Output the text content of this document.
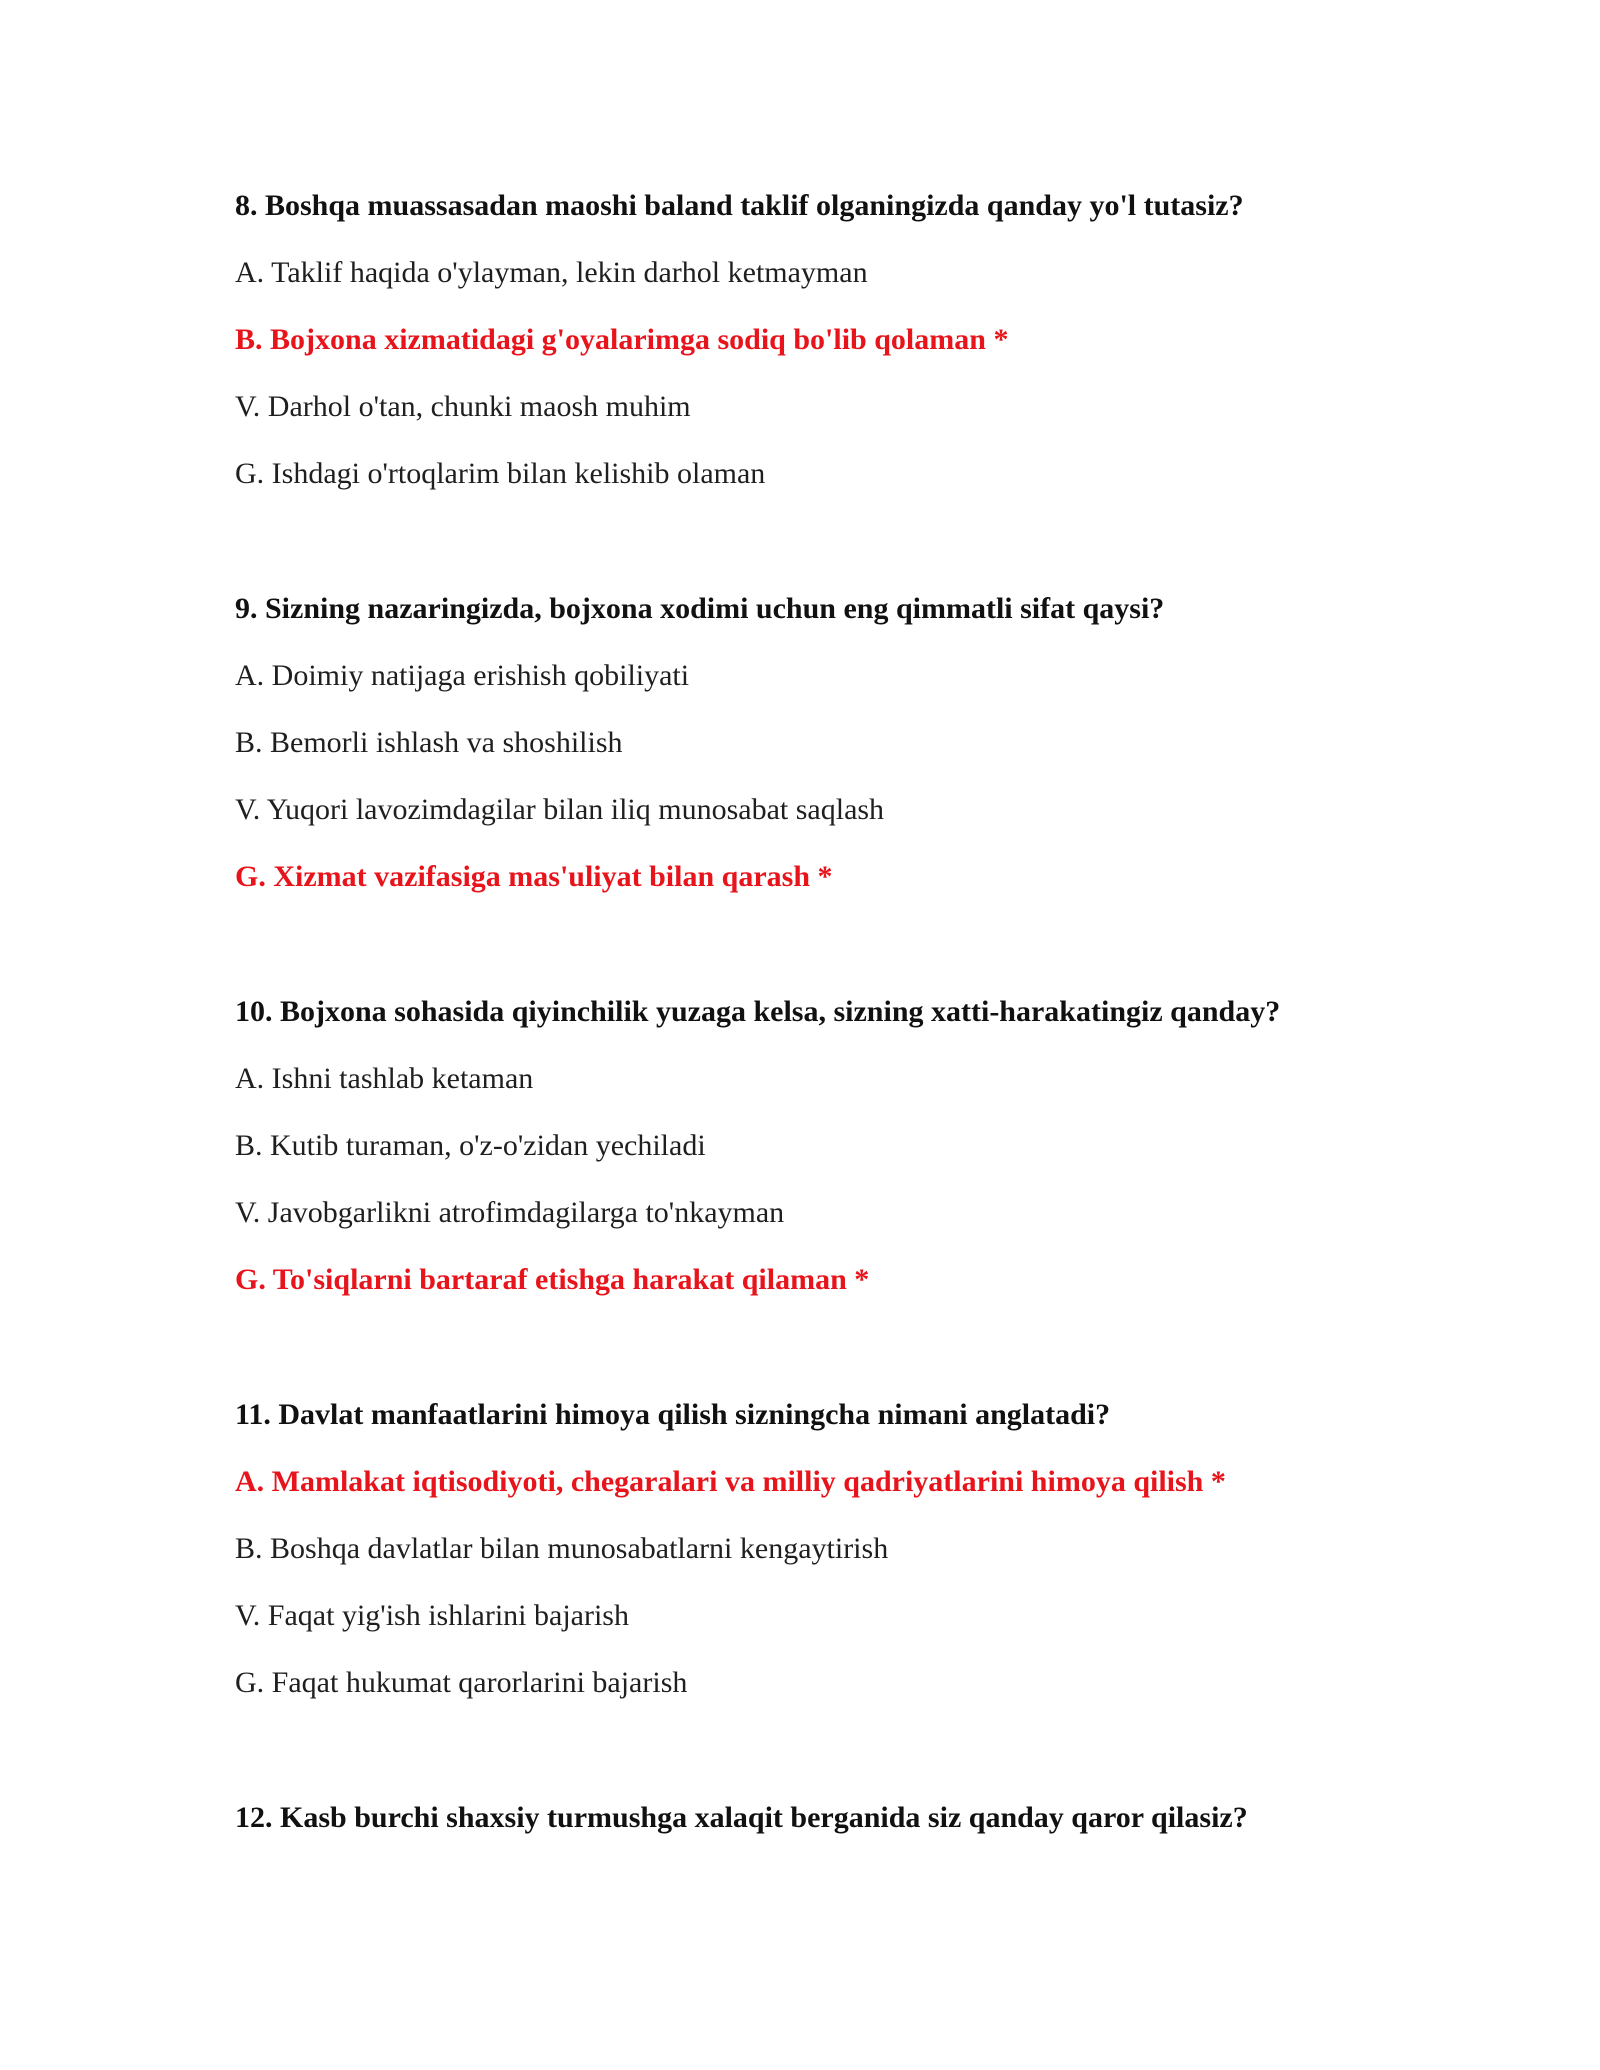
8. Boshqa muassasadan maoshi baland taklif olganingizda qanday yo'l tutasiz?
A. Taklif haqida o'ylayman, lekin darhol ketmayman
B. Bojxona xizmatidagi g'oyalarimga sodiq bo'lib qolaman *
V. Darhol o'tan, chunki maosh muhim
G. Ishdagi o'rtoqlarim bilan kelishib olaman
9. Sizning nazaringizda, bojxona xodimi uchun eng qimmatli sifat qaysi?
A. Doimiy natijaga erishish qobiliyati
B. Bemorli ishlash va shoshilish
V. Yuqori lavozimdagilar bilan iliq munosabat saqlash
G. Xizmat vazifasiga mas'uliyat bilan qarash *
10. Bojxona sohasida qiyinchilik yuzaga kelsa, sizning xatti-harakatingiz qanday?
A. Ishni tashlab ketaman
B. Kutib turaman, o'z-o'zidan yechiladi
V. Javobgarlikni atrofimdagilarga to'nkayman
G. To'siqlarni bartaraf etishga harakat qilaman *
11. Davlat manfaatlarini himoya qilish sizningcha nimani anglatadi?
A. Mamlakat iqtisodiyoti, chegaralari va milliy qadriyatlarini himoya qilish *
B. Boshqa davlatlar bilan munosabatlarni kengaytirish
V. Faqat yig'ish ishlarini bajarish
G. Faqat hukumat qarorlarini bajarish
12. Kasb burchi shaxsiy turmushga xalaqit berganida siz qanday qaror qilasiz?
